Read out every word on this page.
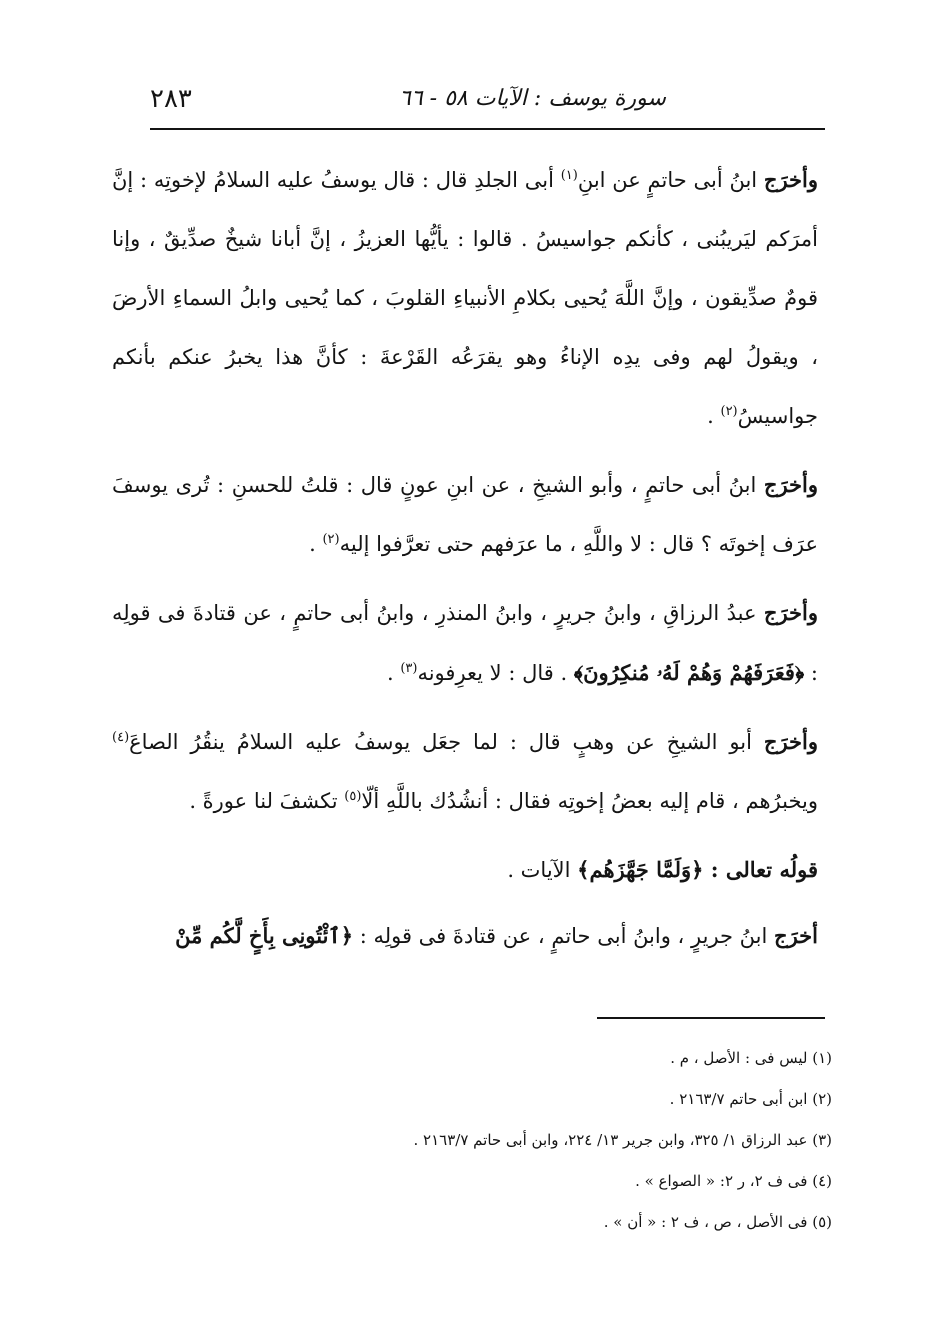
سورة يوسف : الآيات ٥٨ - ٦٦
٢٨٣

وأخرَج ابنُ أبى حاتمٍ عن ابنِ$^{(١)}$ أبى الجلدِ قال : قال يوسفُ عليه السلامُ لإخوتِه : إنَّ أمرَكم ليَريبُنى ، كأنكم جواسيسُ . قالوا : يأيُّها العزيزُ ، إنَّ أبانا شيخٌ صدِّيقٌ ، وإنا قومٌ صدِّيقون ، وإنَّ اللَّهَ يُحيى بكلامِ الأنبياءِ القلوبَ ، كما يُحيى وابلُ السماءِ الأرضَ ، ويقولُ لهم وفى يدِه الإناءُ وهو يقرَعُه القَرْعةَ : كأنَّ هذا يخبرُ عنكم بأنكم جواسيسُ$^{(٢)}$ .

وأخرَج ابنُ أبى حاتمٍ ، وأبو الشيخِ ، عن ابنِ عونٍ قال : قلتُ للحسنِ : تُرى يوسفَ عرَف إخوتَه ؟ قال : لا واللَّهِ ، ما عرَفهم حتى تعرَّفوا إليه$^{(٢)}$ .

وأخرَج عبدُ الرزاقِ ، وابنُ جريرٍ ، وابنُ المنذرِ ، وابنُ أبى حاتمٍ ، عن قتادةَ فى قولِه : ﴿فَعَرَفَهُمْ وَهُمْ لَهُۥ مُنكِرُونَ﴾ . قال : لا يعرِفونه$^{(٣)}$ .

وأخرَج أبو الشيخِ عن وهبٍ قال : لما جعَل يوسفُ عليه السلامُ ينقُرُ الصاعَ$^{(٤)}$ ويخبرُهم ، قام إليه بعضُ إخوتِه فقال : أنشُدُك باللَّهِ ألّا$^{(٥)}$ تكشفَ لنا عورةً .

قولُه تعالى : ﴿وَلَمَّا جَهَّزَهُم﴾ الآيات .

أخرَج ابنُ جريرٍ ، وابنُ أبى حاتمٍ ، عن قتادةَ فى قولِه : ﴿ٱئْتُونِى بِأَخٍ لَّكُم مِّنْ

(١) ليس فى : الأصل ، م .
(٢) ابن أبى حاتم ٢١٦٣/٧ .
(٣) عبد الرزاق ١/ ٣٢٥، وابن جرير ١٣/ ٢٢٤، وابن أبى حاتم ٢١٦٣/٧ .
(٤) فى ف ٢، ر ٢: « الصواع » .
(٥) فى الأصل ، ص ، ف ٢ : « أن » .
